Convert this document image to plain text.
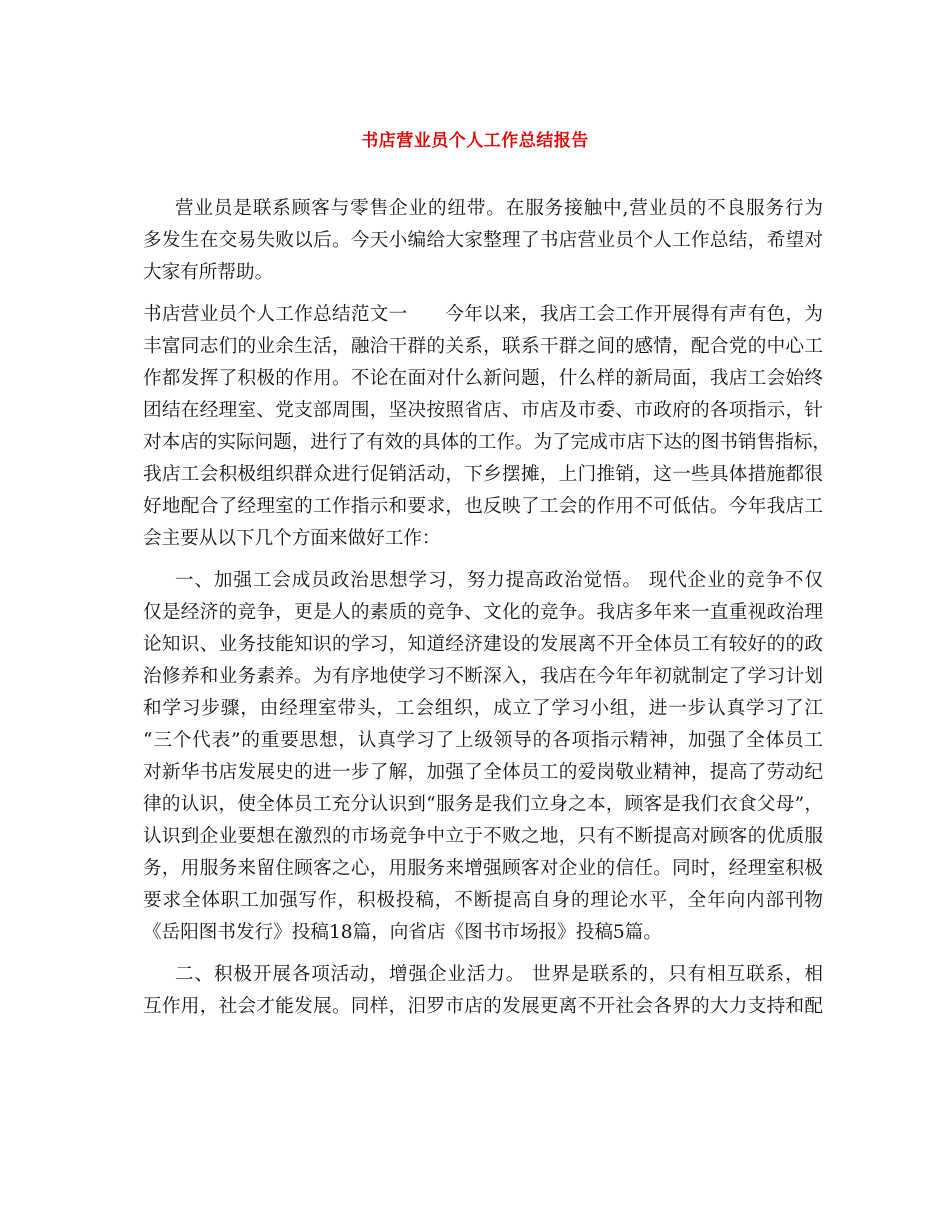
书店营业员个人工作总结报告
营业员是联系顾客与零售企业的纽带。在服务接触中,营业员的不良服务行为
多发生在交易失败以后。今天小编给大家整理了书店营业员个人工作总结，希望对
大家有所帮助。
书店营业员个人工作总结范文一　　今年以来，我店工会工作开展得有声有色，为
丰富同志们的业余生活，融洽干群的关系，联系干群之间的感情，配合党的中心工
作都发挥了积极的作用。不论在面对什么新问题，什么样的新局面，我店工会始终
团结在经理室、党支部周围，坚决按照省店、市店及市委、市政府的各项指示，针
对本店的实际问题，进行了有效的具体的工作。为了完成市店下达的图书销售指标，
我店工会积极组织群众进行促销活动，下乡摆摊，上门推销，这一些具体措施都很
好地配合了经理室的工作指示和要求，也反映了工会的作用不可低估。今年我店工
会主要从以下几个方面来做好工作：
一、加强工会成员政治思想学习，努力提高政治觉悟。 现代企业的竞争不仅
仅是经济的竞争，更是人的素质的竞争、文化的竞争。我店多年来一直重视政治理
论知识、业务技能知识的学习，知道经济建设的发展离不开全体员工有较好的的政
治修养和业务素养。为有序地使学习不断深入，我店在今年年初就制定了学习计划
和学习步骤，由经理室带头，工会组织，成立了学习小组，进一步认真学习了江
“三个代表”的重要思想，认真学习了上级领导的各项指示精神，加强了全体员工
对新华书店发展史的进一步了解，加强了全体员工的爱岗敬业精神，提高了劳动纪
律的认识，使全体员工充分认识到“服务是我们立身之本，顾客是我们衣食父母”，
认识到企业要想在激烈的市场竞争中立于不败之地，只有不断提高对顾客的优质服
务，用服务来留住顾客之心，用服务来增强顾客对企业的信任。同时，经理室积极
要求全体职工加强写作，积极投稿，不断提高自身的理论水平，全年向内部刊物
《岳阳图书发行》投稿18篇，向省店《图书市场报》投稿5篇。
二、积极开展各项活动，增强企业活力。 世界是联系的，只有相互联系，相
互作用，社会才能发展。同样，汨罗市店的发展更离不开社会各界的大力支持和配
